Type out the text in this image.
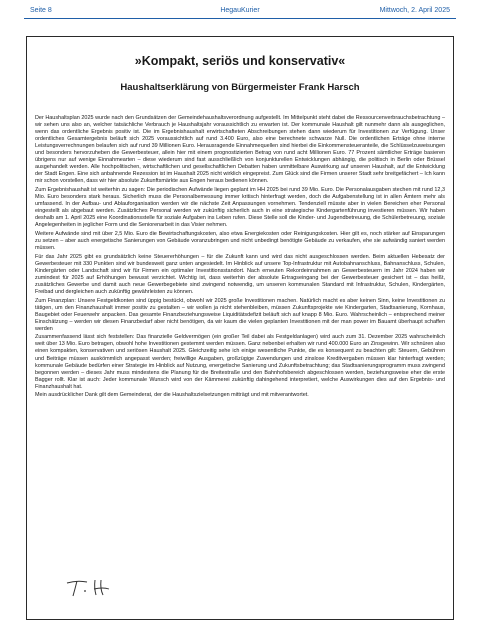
Seite 8	HegauKurier	Mittwoch, 2. April 2025
»Kompakt, seriös und konservativ«
Haushaltserklärung von Bürgermeister Frank Harsch

Der Haushaltsplan 2025 wurde nach den Grundsätzen der Gemeindehaushaltsverordnung aufgestellt. Im Mittelpunkt steht dabei die Ressourcenverbrauchsbetrachtung – wir sehen uns also an, welcher tatsächliche Verbrauch je Haushaltsjahr voraussichtlich zu erwarten ist. Der kommunale Haushalt gilt nunmehr dann als ausgeglichen, wenn das ordentliche Ergebnis positiv ist. Die im Ergebnishaushalt erwirtschafteten Abschreibungen stehen dann wiederum für Investitionen zur Verfügung. Unser ordentliches Gesamtergebnis beläuft sich 2025 voraussichtlich auf rund 3.400 Euro, also eine berechnete schwarze Null. Die ordentlichen Erträge ohne interne Leistungsverrechnungen belaufen sich auf rund 39 Millionen Euro. Herausragende Einnahmequellen sind hierbei die Einkommensteueranteile, die Schlüsselzuweisungen und besonders hervorzuheben die Gewerbesteuer, allein hier mit einem prognostizierten Betrag von rund acht Millionen Euro. 77 Prozent sämtlicher Erträge basieren übrigens nur auf wenige Einnahmearten – diese wiederum sind fast ausschließlich von konjunkturellen Entwicklungen abhängig, die politisch in Berlin oder Brüssel ausgehandelt werden. Alle hochpolitischen, wirtschaftlichen und gesellschaftlichen Debatten haben unmittelbare Auswirkung auf unseren Haushalt, auf die Entwicklung der Stadt Engen. Eine sich anbahnende Rezession ist im Haushalt 2025 nicht wirklich eingepreist. Zum Glück sind die Firmen unserer Stadt sehr breitgefächert – Ich kann mir schon vorstellen, dass wir hier absolute Zukunftsmärkte aus Engen heraus bedienen können.

Zum Ergebnishaushalt ist weiterhin zu sagen: Die periodischen Aufwände liegen geplant im HH 2025 bei rund 39 Mio. Euro. Die Personalausgaben stechen mit rund 12,3 Mio. Euro besonders stark heraus. Sicherlich muss die Personalbemessung immer kritisch hinterfragt werden, doch die Aufgabenstellung ist in allen Ämtern mehr als umfassend. In der Aufbau- und Ablauforganisation werden wir die nächste Zeit Anpassungen vornehmen. Tendenziell müsste aber in vielen Bereichen eher Personal eingestellt als abgebaut werden. Zusätzliches Personal werden wir zukünftig sicherlich auch in eine strategische Kindergartenführung investieren müssen. Wir haben deshalb am 1. April 2025 eine Koordinationsstelle für soziale Aufgaben ins Leben rufen. Diese Stelle soll die Kinder- und Jugendbetreuung, die Schülerbetreuung, soziale Angelegenheiten in jeglicher Form und die Seniorenarbeit in das Visier nehmen.

Weitere Aufwände sind mit über 2,5 Mio. Euro die Bewirtschaftungskosten, also etwa Energiekosten oder Reinigungskosten. Hier gilt es, noch stärker auf Einsparungen zu setzen – aber auch energetische Sanierungen von Gebäude voranzubringen und nicht unbedingt benötigte Gebäude zu verkaufen, ehe sie aufwändig saniert werden müssen.

Für das Jahr 2025 gibt es grundsätzlich keine Steuererhöhungen – für die Zukunft kann und wird das nicht ausgeschlossen werden. Beim aktuellen Hebesatz der Gewerbesteuer mit 330 Punkten sind wir bundesweit ganz unten angesiedelt. Im Hinblick auf unsere Top-Infrastruktur mit Autobahnanschluss, Bahnanschluss, Schulen, Kindergärten oder Landschaft sind wir für Firmen ein optimaler Investitionsstandort. Nach erneuten Rekordeinnahmen an Gewerbesteuern im Jahr 2024 haben wir zumindest für 2025 auf Erhöhungen bewusst verzichtet. Wichtig ist, dass weiterhin der absolute Ertragseingang bei der Gewerbesteuer gesichert ist – das heißt, zusätzliches Gewerbe und damit auch neue Gewerbegebiete sind zwingend notwendig, um unseren kommunalen Standard mit Infrastruktur, Schulen, Kindergärten, Freibad und dergleichen auch zukünftig gewährleisten zu können.

Zum Finanzplan: Unsere Festgeldkonten sind üppig bestückt, obwohl wir 2025 große Investitionen machen. Natürlich macht es aber keinen Sinn, keine Investitionen zu tätigen, um den Finanzhaushalt immer positiv zu gestalten – wir wollen ja nicht stehenbleiben, müssen Zukunftsprojekte wie Kindergarten, Stadtsanierung, Kornhaus, Baugebiet oder Feuerwehr anpacken. Das gesamte Finanzbeziehungsweise Liquiditätsdefizit beläuft sich auf knapp 8 Mio. Euro. Wahrscheinlich – entsprechend meiner Einschätzung – werden wir diesen Finanzbedarf aber nicht benötigen, da wir kaum die vielen geplanten Investitionen mit der man power im Bauamt überhaupt schaffen werden

Zusammenfassend lässt sich feststellen: Das finanzielle Geldvermögen (ein großer Teil dabei als Festgeldanlagen) wird auch zum 31. Dezember 2025 wahrscheinlich weit über 13 Mio. Euro betragen, obwohl hohe Investitionen gestemmt werden müssen. Ganz nebenbei erhalten wir rund 400.000 Euro an Zinsgewinn. Wir schnüren also einen kompakten, konservativen und seriösen Haushalt 2025. Gleichzeitig sehe ich einige wesentliche Punkte, die es konsequent zu beachten gilt: Steuern, Gebühren und Beiträge müssen auskömmlich angepasst werden; freiwillige Ausgaben, großzügige Zuwendungen und zinslose Kreditvergaben müssen klar hinterfragt werden; kommunale Gebäude bedürfen einer Strategie im Hinblick auf Nutzung, energetische Sanierung und Zukunftsbetrachtung; das Stadtsanierungsprogramm muss zwingend begonnen werden – dieses Jahr muss mindestens die Planung für die Breitestraße und den Bahnhofsbereich abgeschlossen werden, beziehungsweise eher die erste Bagger rollt. Klar ist auch: Jeder kommunale Wunsch wird von der Kämmerei zukünftig dahingehend interpretiert, welche Auswirkungen dies auf den Ergebnis- und Finanzhaushalt hat.

Mein ausdrücklicher Dank gilt dem Gemeinderat, der die Haushaltszielsetzungen mitträgt und mit mitverantwortet.
